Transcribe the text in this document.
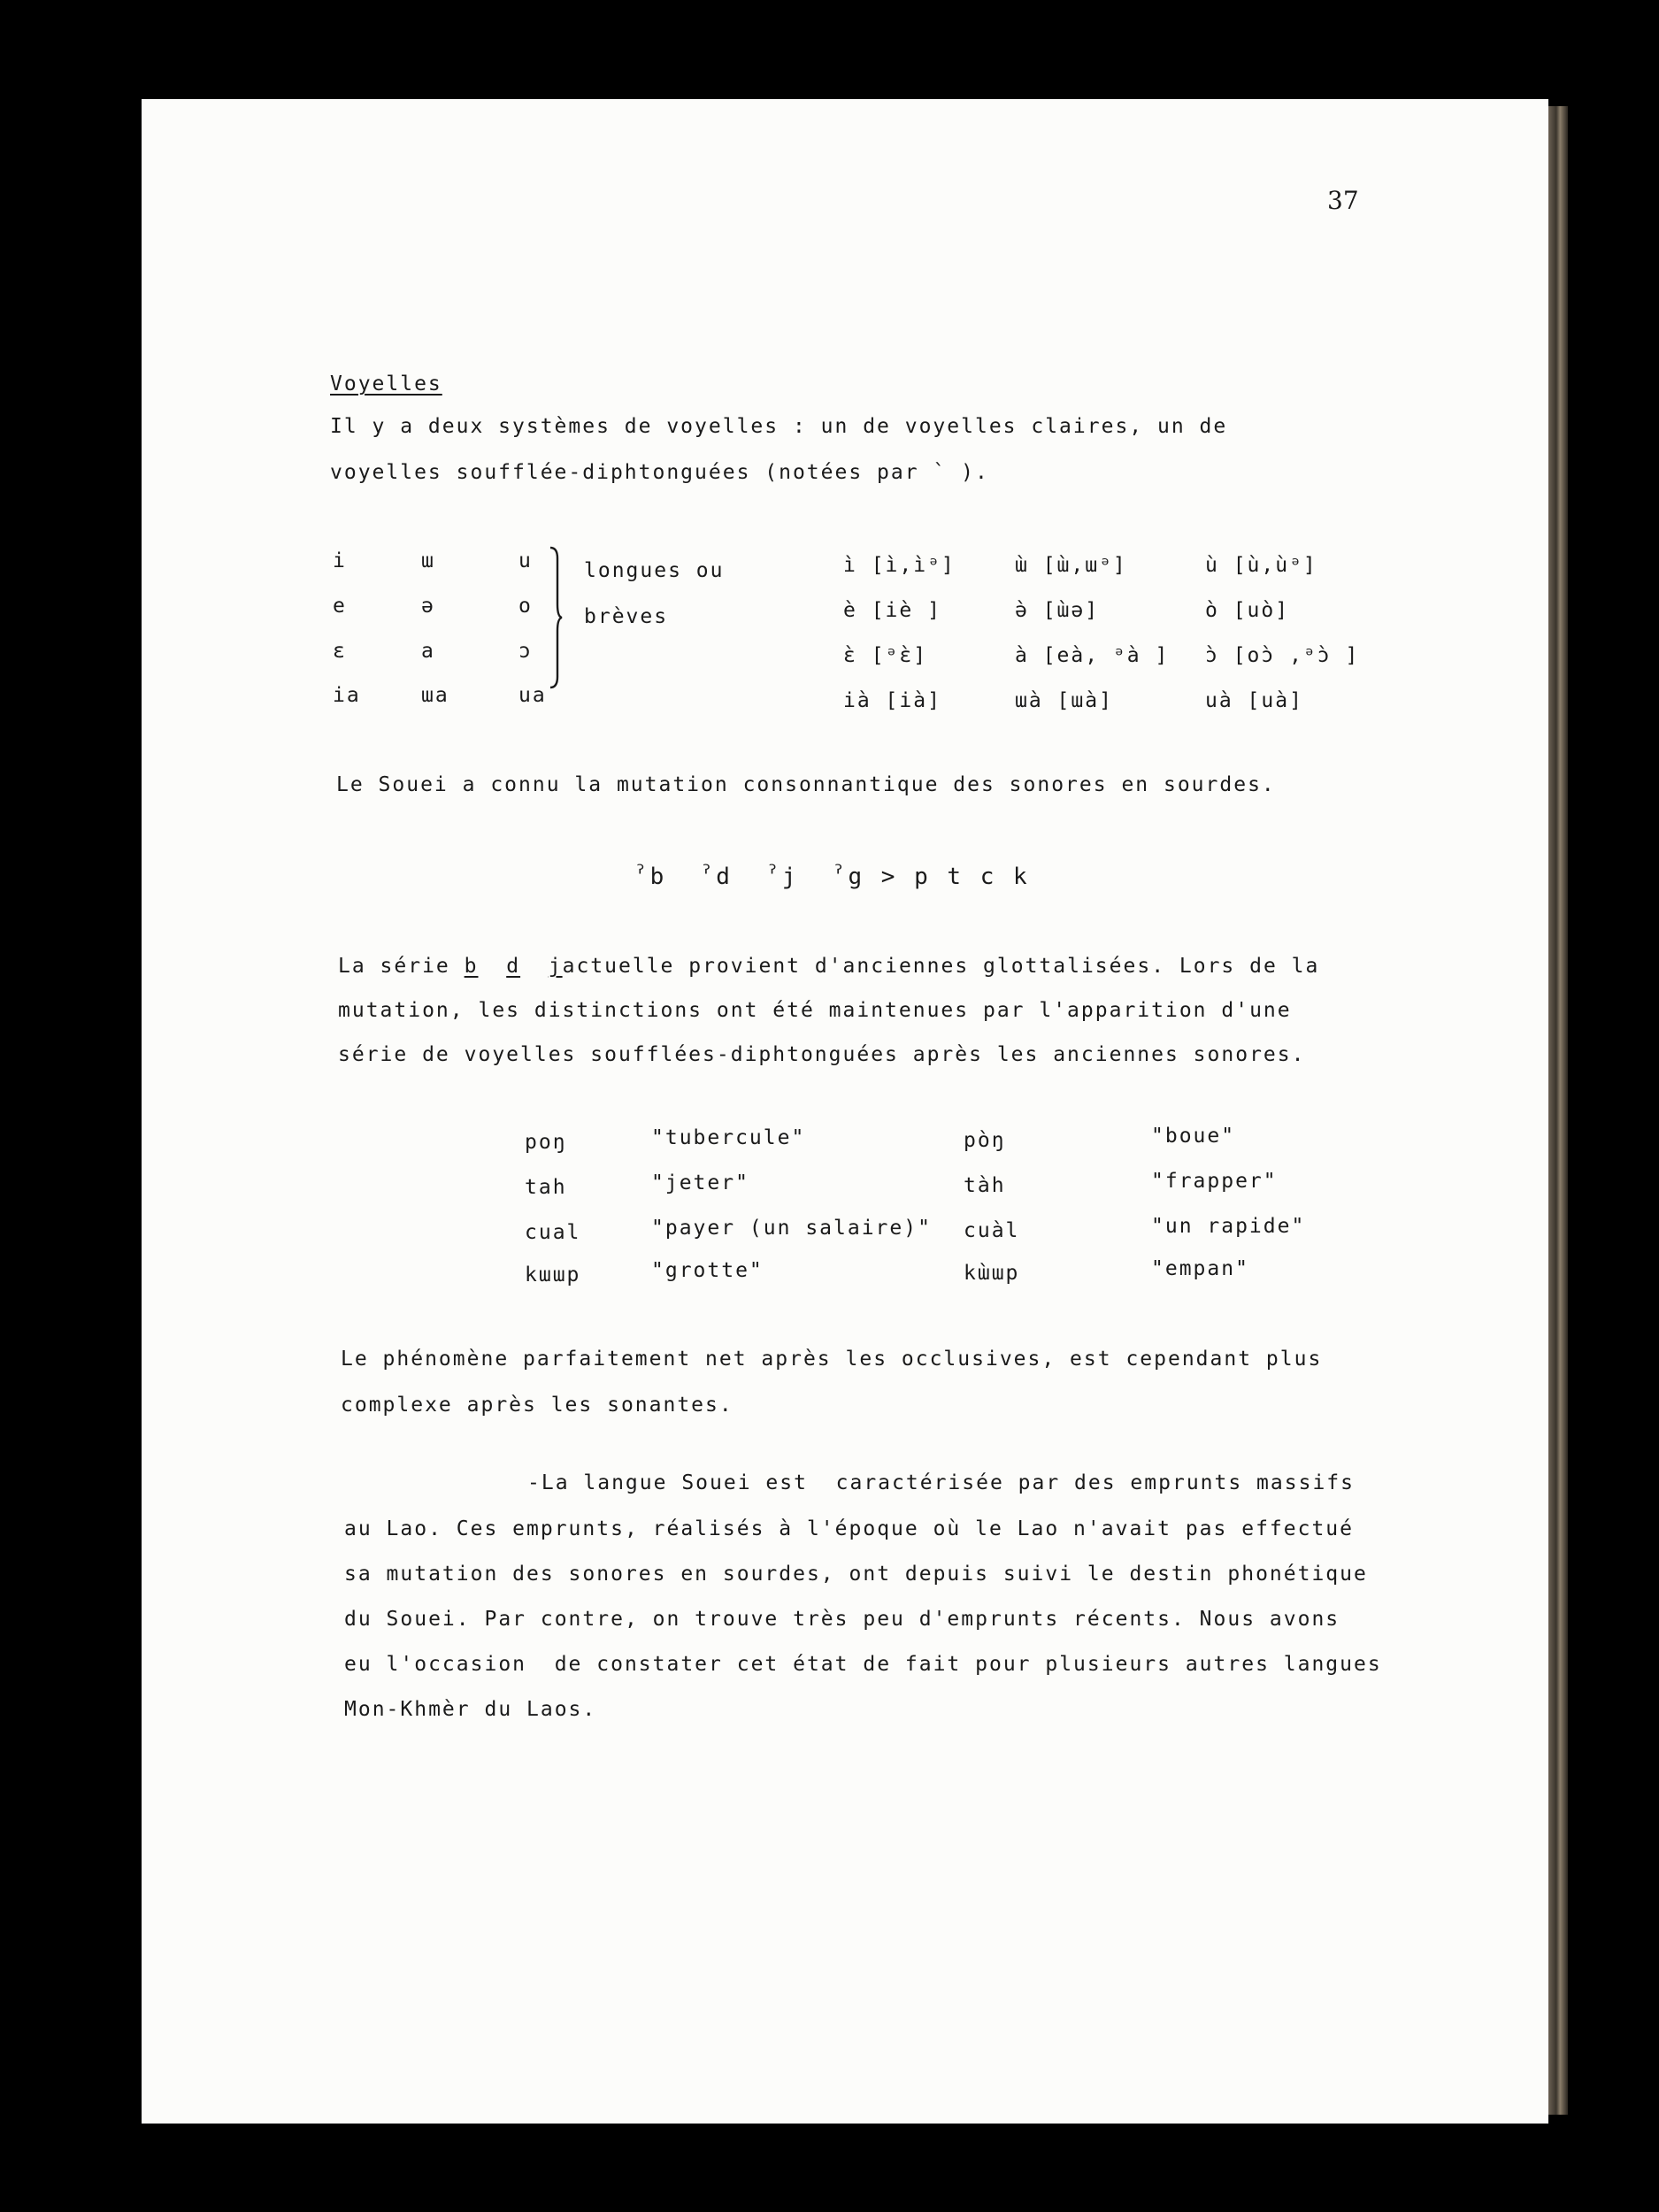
37
Voyelles
Il y a deux systèmes de voyelles : un de voyelles claires, un de
voyelles soufflée-diphtonguées (notées par ` ).
i	ɯ	u
e	ə	o
ɛ	a	ɔ
ia	ɯa	ua
longues ou
brèves
ì [ì,ìᵊ]	ɯ̀ [ɯ̀,ɯᵊ]	ù [ù,ùᵊ]
è [iè ]	ə̀ [ɯ̀ə]	ò [uò]
ɛ̀ [ᵊɛ̀]	à [eà, ᵊà ] ɔ̀ [oɔ̀ ,ᵊɔ̀ ]
ià [ià]	ɯà [ɯà]	uà [uà]
Le Souei a connu la mutation consonnantique des sonores en sourdes.
ˀb  ˀd  ˀj  ˀg > p t c k
La série b d jactuelle provient d'anciennes glottalisées. Lors de la
mutation, les distinctions ont été maintenues par l'apparition d'une
série de voyelles soufflées-diphtonguées après les anciennes sonores.
poŋ	"tubercule"	pòŋ	"boue"
tah	"jeter"	tàh	"frapper"
cual	"payer (un salaire)" cuàl	"un rapide"
kɯɯp	"grotte"	kɯ̀ɯp	"empan"
Le phénomène parfaitement net après les occlusives, est cependant plus
complexe après les sonantes.
-La langue Souei est  caractérisée par des emprunts massifs
au Lao. Ces emprunts, réalisés à l'époque où le Lao n'avait pas effectué
sa mutation des sonores en sourdes, ont depuis suivi le destin phonétique
du Souei. Par contre, on trouve très peu d'emprunts récents. Nous avons
eu l'occasion  de constater cet état de fait pour plusieurs autres langues
Mon-Khmèr du Laos.
